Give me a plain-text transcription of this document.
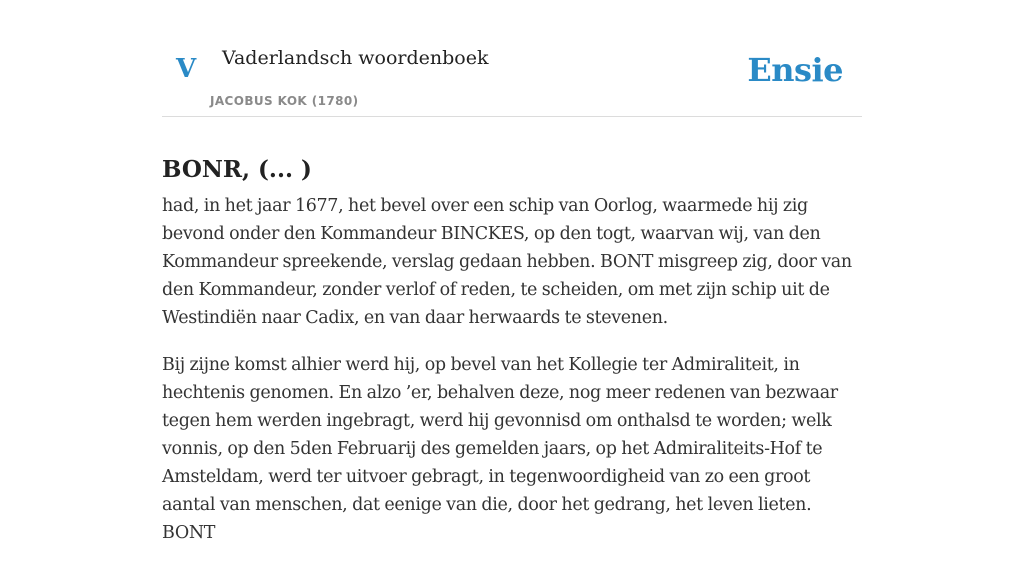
V Vaderlandsch woordenboek
JACOBUS KOK (1780)
Ensie
BONR, (... )

had, in het jaar 1677, het bevel over een schip van Oorlog, waarmede hij zig bevond onder den Kommandeur BINCKES, op den togt, waarvan wij, van den Kommandeur spreekende, verslag gedaan hebben. BONT misgreep zig, door van den Kommandeur, zonder verlof of reden, te scheiden, om met zijn schip uit de Westindiën naar Cadix, en van daar herwaards te stevenen.

Bij zijne komst alhier werd hij, op bevel van het Kollegie ter Admiraliteit, in hechtenis genomen. En alzo ’er, behalven deze, nog meer redenen van bezwaar tegen hem werden ingebragt, werd hij gevonnisd om onthalsd te worden; welk vonnis, op den 5den Februarij des gemelden jaars, op het Admiraliteits-Hof te Amsteldam, werd ter uitvoer gebragt, in tegenwoordigheid van zo een groot aantal van menschen, dat eenige van die, door het gedrang, het leven lieten. BONT
